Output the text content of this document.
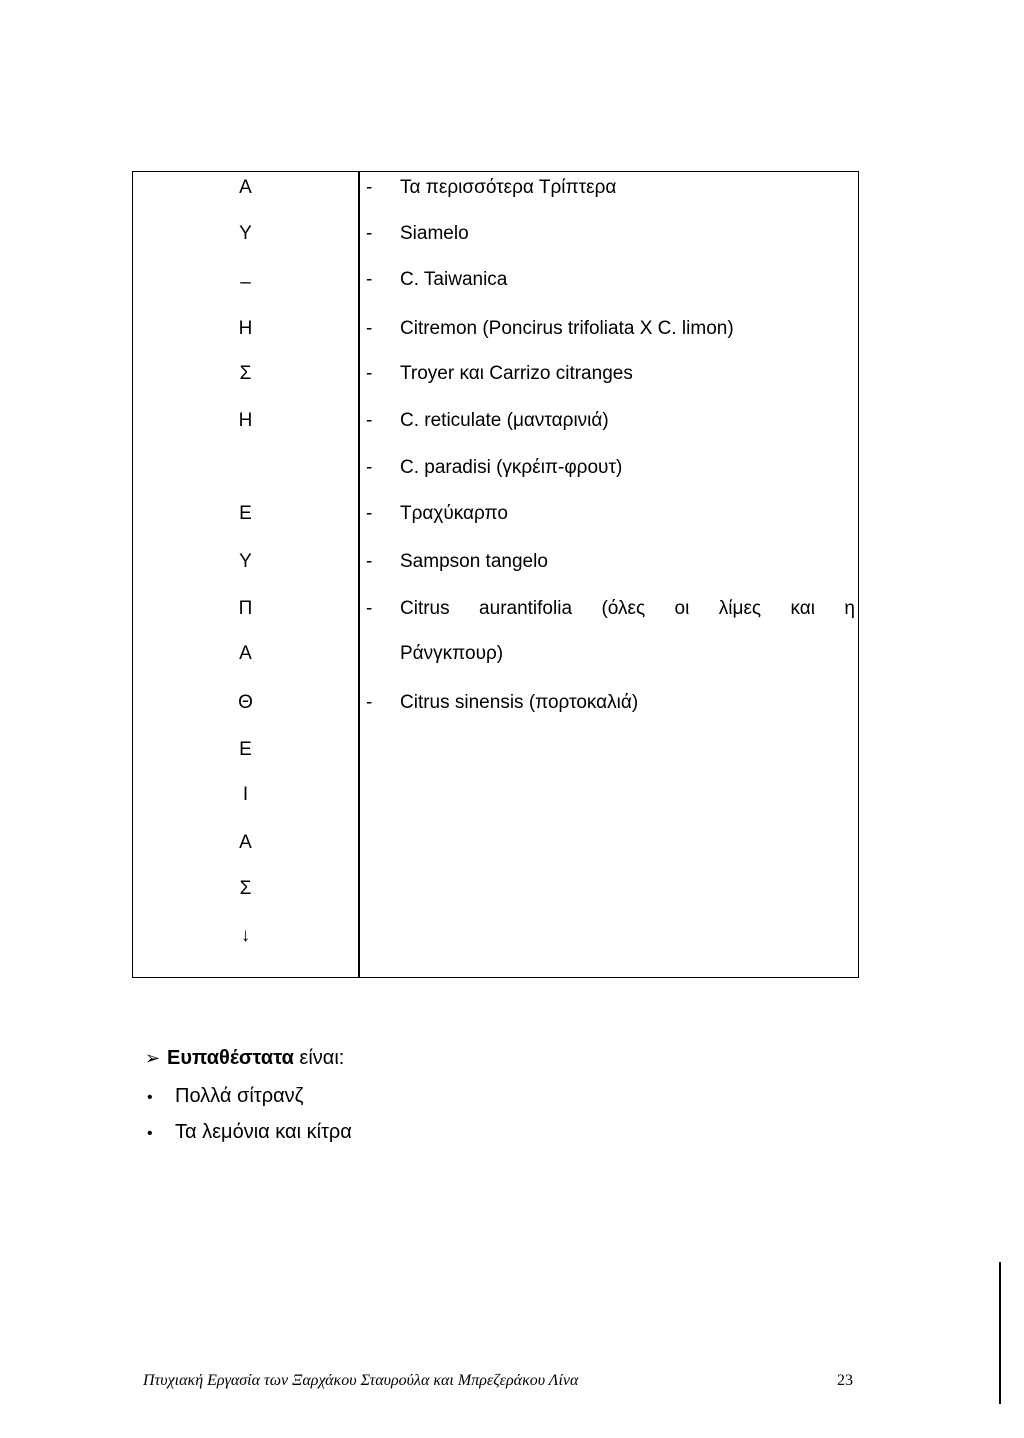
Α
Υ
–
Η
Σ
Η
Ε
Υ
Π
Α
Θ
Ε
Ι
Α
Σ
↓
- Τα περισσότερα Τρίπτερα
- Siamelo
- C. Taiwanica
- Citremon (Poncirus trifoliata X C. limon)
- Troyer και Carrizo citranges
- C. reticulate (μανταρινιά)
- C. paradisi (γκρέιπ-φρουτ)
- Τραχύκαρπο
- Sampson tangelo
- Citrus aurantifolia (όλες οι λίμες και η
Ράνγκπουρ)
- Citrus sinensis (πορτοκαλιά)
➢ Ευπαθέστατα είναι:
• Πολλά σίτρανζ
• Τα λεμόνια και κίτρα
Πτυχιακή Εργασία των Ξαρχάκου Σταυρούλα και Μπρεζεράκου Λίνα	23
